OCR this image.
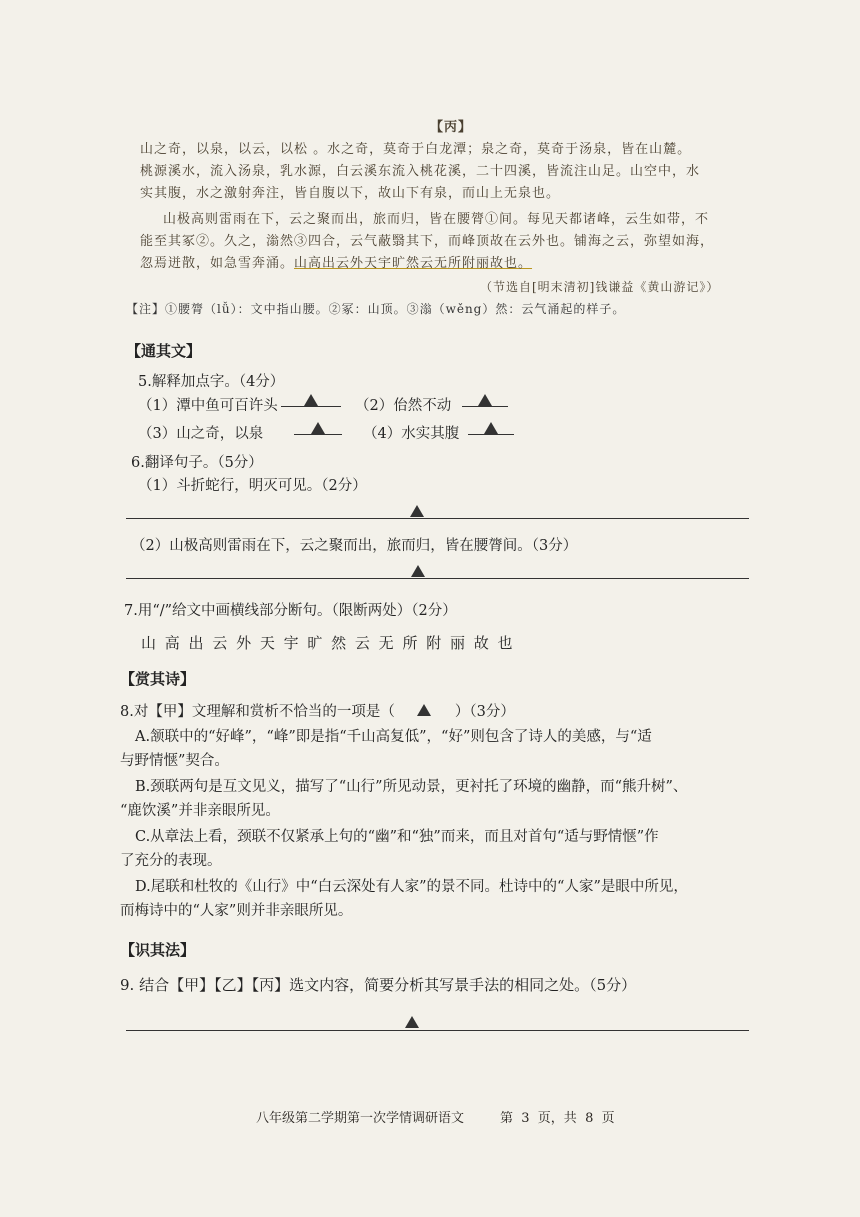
【丙】
山之奇，以泉，以云，以松 。水之奇，莫奇于白龙潭；泉之奇，莫奇于汤泉，皆在山麓。
桃源溪水，流入汤泉，乳水源，白云溪东流入桃花溪，二十四溪，皆流注山足。山空中，水
实其腹，水之激射奔注，皆自腹以下，故山下有泉，而山上无泉也。
山极高则雷雨在下，云之聚而出，旅而归，皆在腰膂①间。每见天都诸峰，云生如带，不
能至其冢②。久之，滃然③四合，云气蔽翳其下，而峰顶故在云外也。铺海之云，弥望如海，
忽焉迸散，如急雪奔涌。山高出云外天宇旷然云无所附丽故也。
（节选自[明末清初]钱谦益《黄山游记》）
【注】①腰膂（lǚ）：文中指山腰。②冢：山顶。③滃（wěng）然：云气涌起的样子。
【通其文】
5.解释加点字。（4分）
（1）潭中鱼可百许头	（2）佁然不动
（3）山之奇，以泉	（4）水实其腹
6.翻译句子。（5分）
（1）斗折蛇行，明灭可见。（2分）
（2）山极高则雷雨在下，云之聚而出，旅而归，皆在腰膂间。（3分）
7.用“/”给文中画横线部分断句。（限断两处）（2分）
山 高 出 云 外 天 宇 旷 然 云 无 所 附 丽 故 也
【赏其诗】
8.对【甲】文理解和赏析不恰当的一项是（	）（3分）
A.颔联中的“好峰”，“峰”即是指“千山高复低”，“好”则包含了诗人的美感，与“适
与野情惬”契合。
B.颈联两句是互文见义，描写了“山行”所见动景，更衬托了环境的幽静，而“熊升树”、
“鹿饮溪”并非亲眼所见。
C.从章法上看，颈联不仅紧承上句的“幽”和“独”而来，而且对首句“适与野情惬”作
了充分的表现。
D.尾联和杜牧的《山行》中“白云深处有人家”的景不同。杜诗中的“人家”是眼中所见，
而梅诗中的“人家”则并非亲眼所见。
【识其法】
9. 结合【甲】【乙】【丙】选文内容，简要分析其写景手法的相同之处。（5分）
八年级第二学期第一次学情调研语文	第  3  页，共  8  页
